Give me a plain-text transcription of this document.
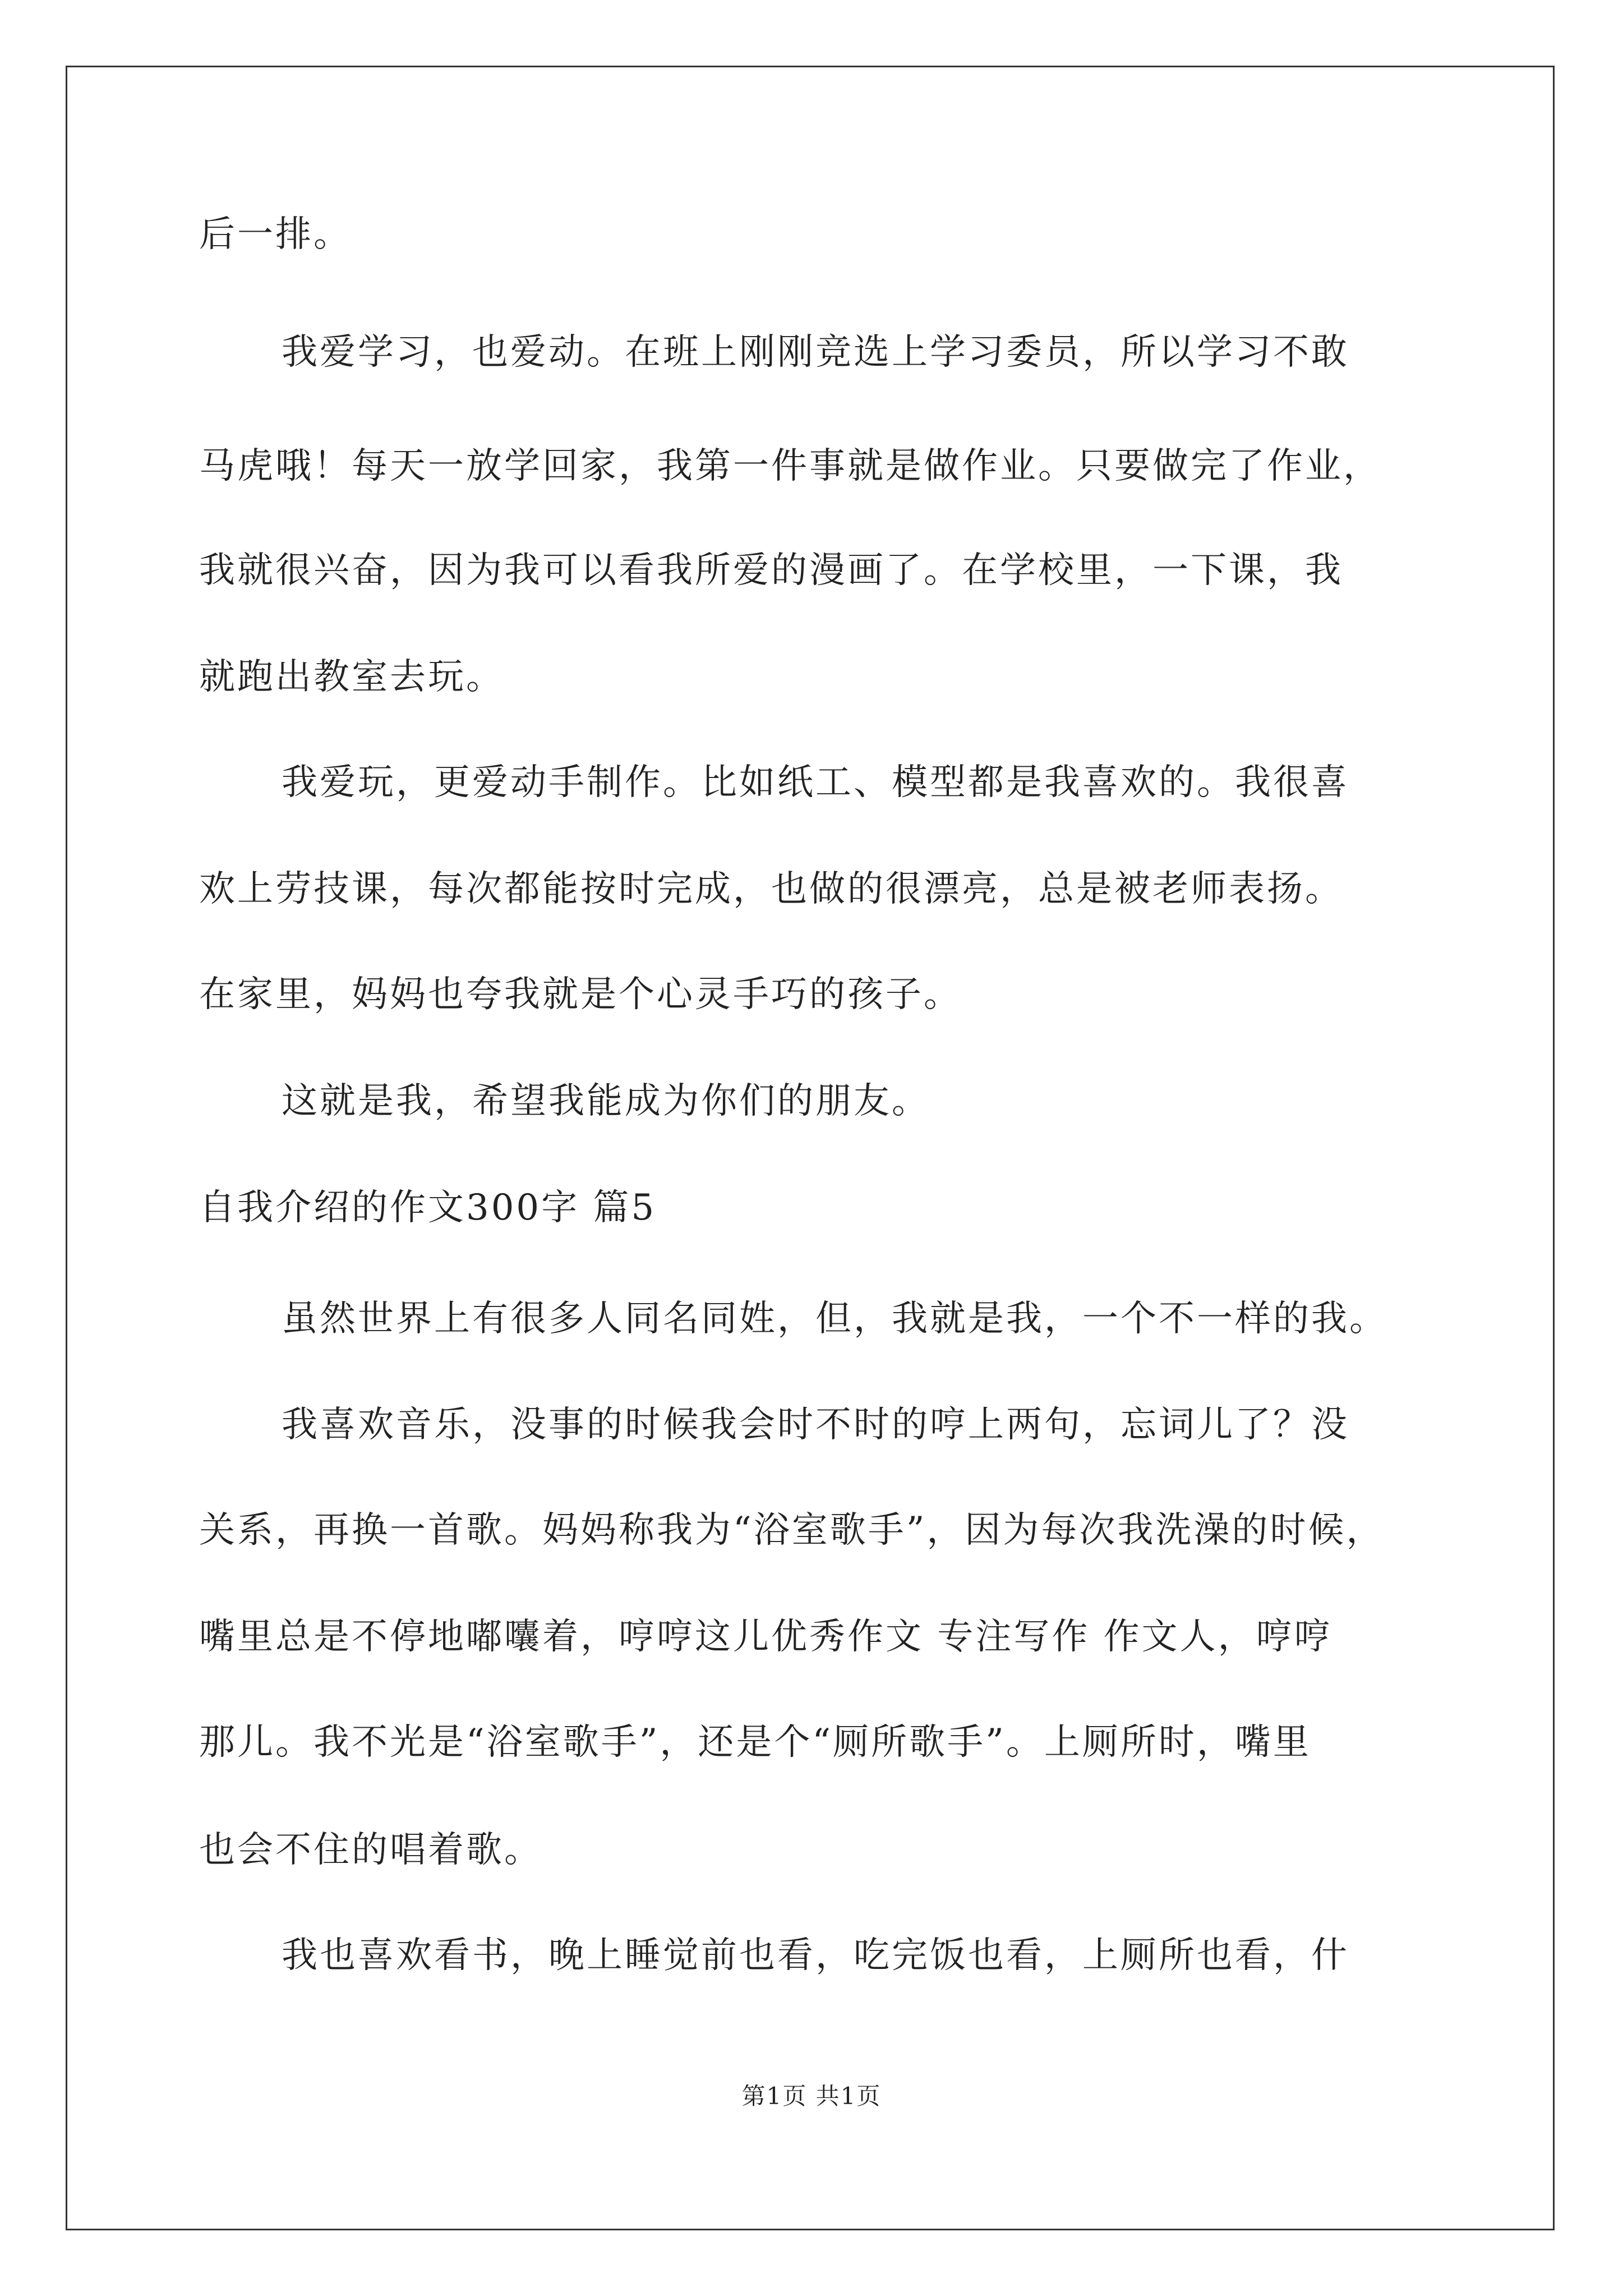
后一排。
我爱学习，也爱动。在班上刚刚竞选上学习委员，所以学习不敢
马虎哦！每天一放学回家，我第一件事就是做作业。只要做完了作业，
我就很兴奋，因为我可以看我所爱的漫画了。在学校里，一下课，我
就跑出教室去玩。
我爱玩，更爱动手制作。比如纸工、模型都是我喜欢的。我很喜
欢上劳技课，每次都能按时完成，也做的很漂亮，总是被老师表扬。
在家里，妈妈也夸我就是个心灵手巧的孩子。
这就是我，希望我能成为你们的朋友。
自我介绍的作文300字 篇5
虽然世界上有很多人同名同姓，但，我就是我，一个不一样的我。
我喜欢音乐，没事的时候我会时不时的哼上两句，忘词儿了？没
关系，再换一首歌。妈妈称我为“浴室歌手”，因为每次我洗澡的时候，
嘴里总是不停地嘟囔着，哼哼这儿优秀作文 专注写作 作文人，哼哼
那儿。我不光是“浴室歌手”，还是个“厕所歌手”。上厕所时，嘴里
也会不住的唱着歌。
我也喜欢看书，晚上睡觉前也看，吃完饭也看，上厕所也看，什
第1页 共1页
